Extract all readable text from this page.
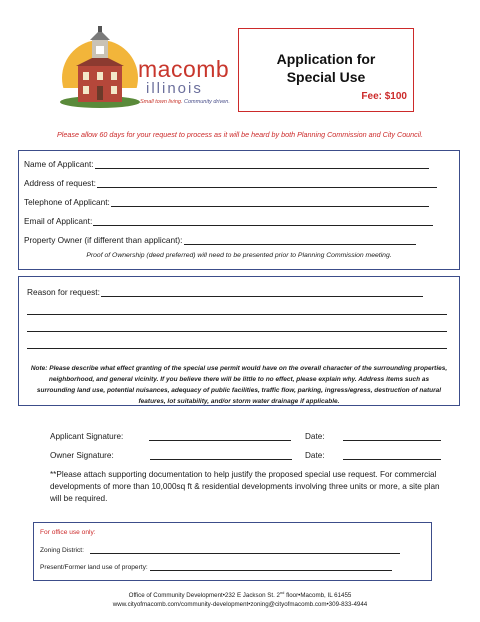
macomb
illinois
Small town living. Community driven.
Application for
Special Use
Fee: $100
Please allow 60 days for your request to process as it will be heard by both Planning Commission and City Council.
Name of Applicant:
Address of request:
Telephone of Applicant:
Email of Applicant:
Property Owner (if different than applicant):
Proof of Ownership (deed preferred) will need to be presented prior to Planning Commission meeting.
Reason for request:
Note: Please describe what effect granting of the special use permit would have on the overall character of the surrounding properties, neighborhood, and general vicinity. If you believe there will be little to no effect, please explain why. Address items such as surrounding land use, potential nuisances, adequacy of public facilities, traffic flow, parking, ingress/egress, destruction of natural features, lot suitability, and/or storm water drainage if applicable.
Applicant Signature:	Date:
Owner Signature:	Date:
**Please attach supporting documentation to help justify the proposed special use request. For commercial developments of more than 10,000sq ft & residential developments involving three units or more, a site plan will be required.
For office use only:
Zoning District:
Present/Former land use of property:
Office of Community Development•232 E Jackson St. 2nd floor•Macomb, IL 61455
www.cityofmacomb.com/community-development•zoning@cityofmacomb.com•309-833-4944
